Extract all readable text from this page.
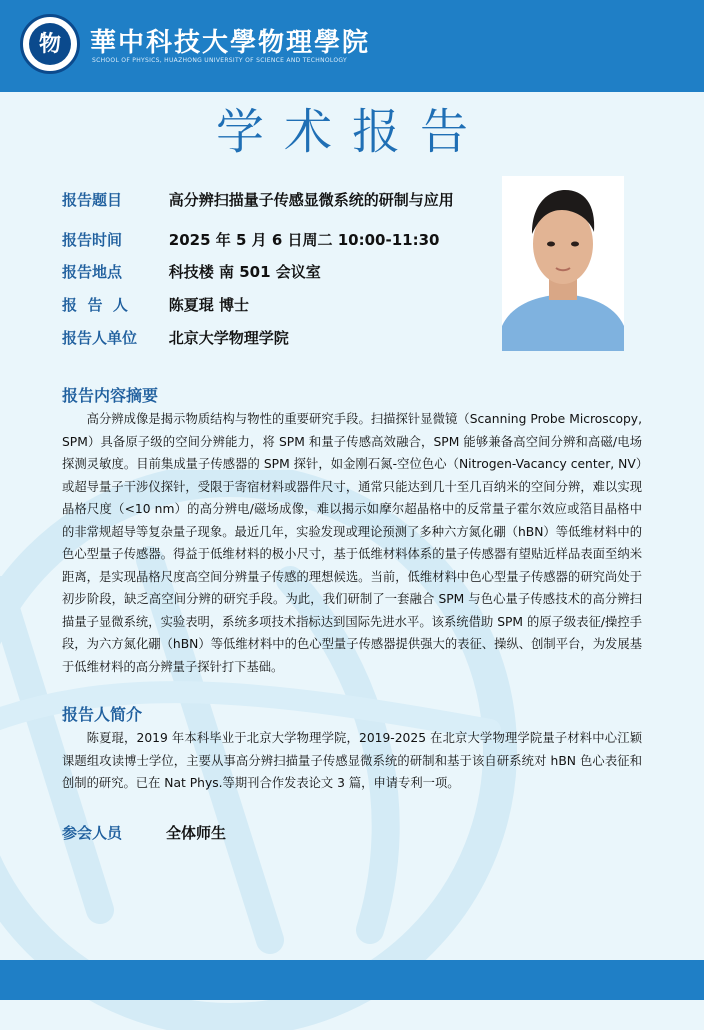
物	華中科技大學物理學院
SCHOOL OF PHYSICS, HUAZHONG UNIVERSITY OF SCIENCE AND TECHNOLOGY
学术报告
报告题目	高分辨扫描量子传感显微系统的研制与应用
报告时间	2025 年 5 月 6 日周二 10:00-11:30
报告地点	科技楼 南 501 会议室
报  告  人	陈夏琨 博士
报告人单位 北京大学物理学院
报告内容摘要
高分辨成像是揭示物质结构与物性的重要研究手段。扫描探针显微镜（Scanning Probe Microscopy, SPM）具备原子级的空间分辨能力，将 SPM 和量子传感高效融合，SPM 能够兼备高空间分辨和高磁/电场探测灵敏度。目前集成量子传感器的 SPM 探针，如金刚石氮-空位色心（Nitrogen-Vacancy center, NV）或超导量子干涉仪探针，受限于寄宿材料或器件尺寸，通常只能达到几十至几百纳米的空间分辨，难以实现晶格尺度（<10 nm）的高分辨电/磁场成像，难以揭示如摩尔超晶格中的反常量子霍尔效应或箔目晶格中的非常规超导等复杂量子现象。最近几年，实验发现或理论预测了多种六方氮化硼（hBN）等低维材料中的色心型量子传感器。得益于低维材料的极小尺寸，基于低维材料体系的量子传感器有望贴近样品表面至纳米距离，是实现晶格尺度高空间分辨量子传感的理想候选。当前，低维材料中色心型量子传感器的研究尚处于初步阶段，缺乏高空间分辨的研究手段。为此，我们研制了一套融合 SPM 与色心量子传感技术的高分辨扫描量子显微系统，实验表明，系统多项技术指标达到国际先进水平。该系统借助 SPM 的原子级表征/操控手段，为六方氮化硼（hBN）等低维材料中的色心型量子传感器提供强大的表征、操纵、创制平台，为发展基于低维材料的高分辨量子探针打下基础。
报告人简介
陈夏琨，2019 年本科毕业于北京大学物理学院，2019-2025 在北京大学物理学院量子材料中心江颖课题组攻读博士学位，主要从事高分辨扫描量子传感显微系统的研制和基于该自研系统对 hBN 色心表征和创制的研究。已在 Nat Phys.等期刊合作发表论文 3 篇，申请专利一项。
参会人员	全体师生
